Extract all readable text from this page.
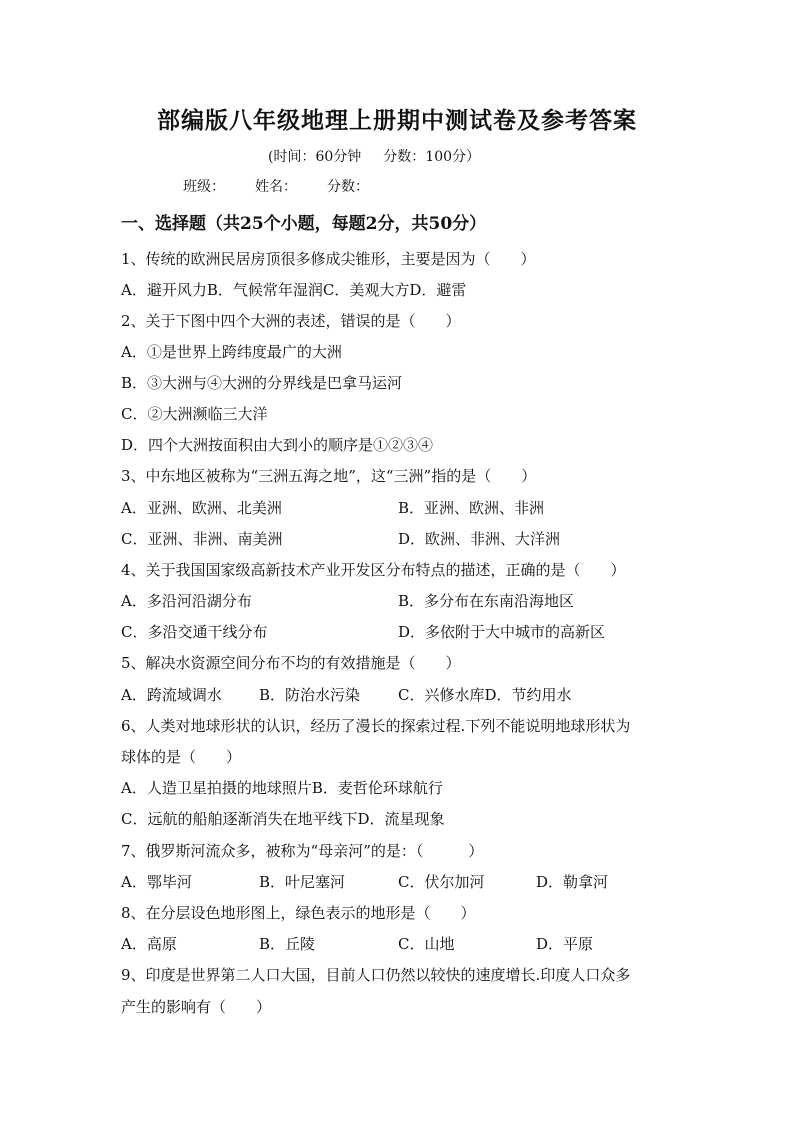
部编版八年级地理上册期中测试卷及参考答案
(时间：60分钟 分数：100分）
班级： 姓名： 分数：
一、选择题（共25个小题，每题2分，共50分）
1、传统的欧洲民居房顶很多修成尖锥形，主要是因为（　　）
A．避开风力B．气候常年湿润C．美观大方D．避雷
2、关于下图中四个大洲的表述，错误的是（　　）
A．①是世界上跨纬度最广的大洲
B．③大洲与④大洲的分界线是巴拿马运河
C．②大洲濒临三大洋
D．四个大洲按面积由大到小的顺序是①②③④
3、中东地区被称为“三洲五海之地”，这“三洲”指的是（　　）
A．亚洲、欧洲、北美洲	B．亚洲、欧洲、非洲
C．亚洲、非洲、南美洲	D．欧洲、非洲、大洋洲
4、关于我国国家级高新技术产业开发区分布特点的描述，正确的是（　　）
A．多沿河沿湖分布	B．多分布在东南沿海地区
C．多沿交通干线分布	D．多依附于大中城市的高新区
5、解决水资源空间分布不均的有效措施是（　　）
A．跨流域调水 B．防治水污染	C．兴修水库D．节约用水
6、人类对地球形状的认识，经历了漫长的探索过程.下列不能说明地球形状为
球体的是（　　）
A．人造卫星拍摄的地球照片B．麦哲伦环球航行
C．远航的船舶逐渐消失在地平线下D．流星现象
7、俄罗斯河流众多，被称为“母亲河”的是：（　　　）
A．鄂毕河	B．叶尼塞河	C．伏尔加河	D．勒拿河
8、在分层设色地形图上，绿色表示的地形是（　　）
A．高原	B．丘陵	C．山地	D．平原
9、印度是世界第二人口大国，目前人口仍然以较快的速度增长.印度人口众多
产生的影响有（　　）
